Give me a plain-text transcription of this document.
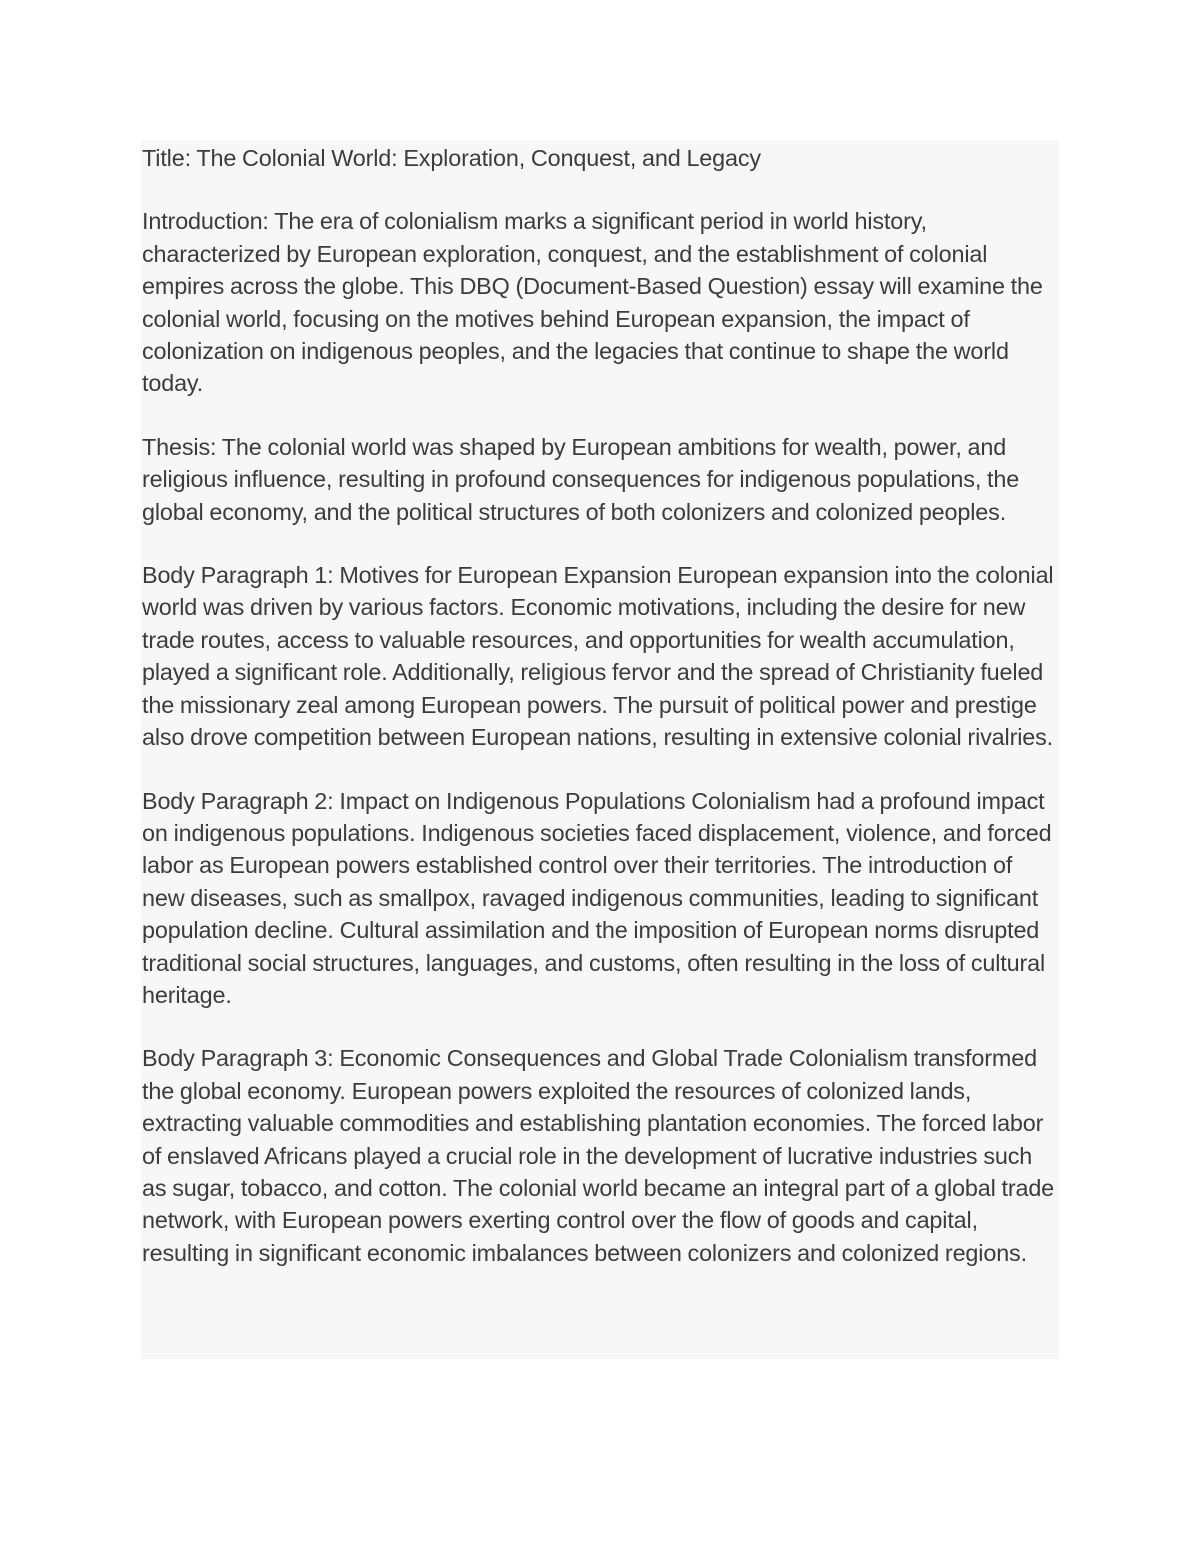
Title: The Colonial World: Exploration, Conquest, and Legacy

Introduction: The era of colonialism marks a significant period in world history, characterized by European exploration, conquest, and the establishment of colonial empires across the globe. This DBQ (Document-Based Question) essay will examine the colonial world, focusing on the motives behind European expansion, the impact of colonization on indigenous peoples, and the legacies that continue to shape the world today.

Thesis: The colonial world was shaped by European ambitions for wealth, power, and religious influence, resulting in profound consequences for indigenous populations, the global economy, and the political structures of both colonizers and colonized peoples.

Body Paragraph 1: Motives for European Expansion European expansion into the colonial world was driven by various factors. Economic motivations, including the desire for new trade routes, access to valuable resources, and opportunities for wealth accumulation, played a significant role. Additionally, religious fervor and the spread of Christianity fueled the missionary zeal among European powers. The pursuit of political power and prestige also drove competition between European nations, resulting in extensive colonial rivalries.

Body Paragraph 2: Impact on Indigenous Populations Colonialism had a profound impact on indigenous populations. Indigenous societies faced displacement, violence, and forced labor as European powers established control over their territories. The introduction of new diseases, such as smallpox, ravaged indigenous communities, leading to significant population decline. Cultural assimilation and the imposition of European norms disrupted traditional social structures, languages, and customs, often resulting in the loss of cultural heritage.

Body Paragraph 3: Economic Consequences and Global Trade Colonialism transformed the global economy. European powers exploited the resources of colonized lands, extracting valuable commodities and establishing plantation economies. The forced labor of enslaved Africans played a crucial role in the development of lucrative industries such as sugar, tobacco, and cotton. The colonial world became an integral part of a global trade network, with European powers exerting control over the flow of goods and capital, resulting in significant economic imbalances between colonizers and colonized regions.
